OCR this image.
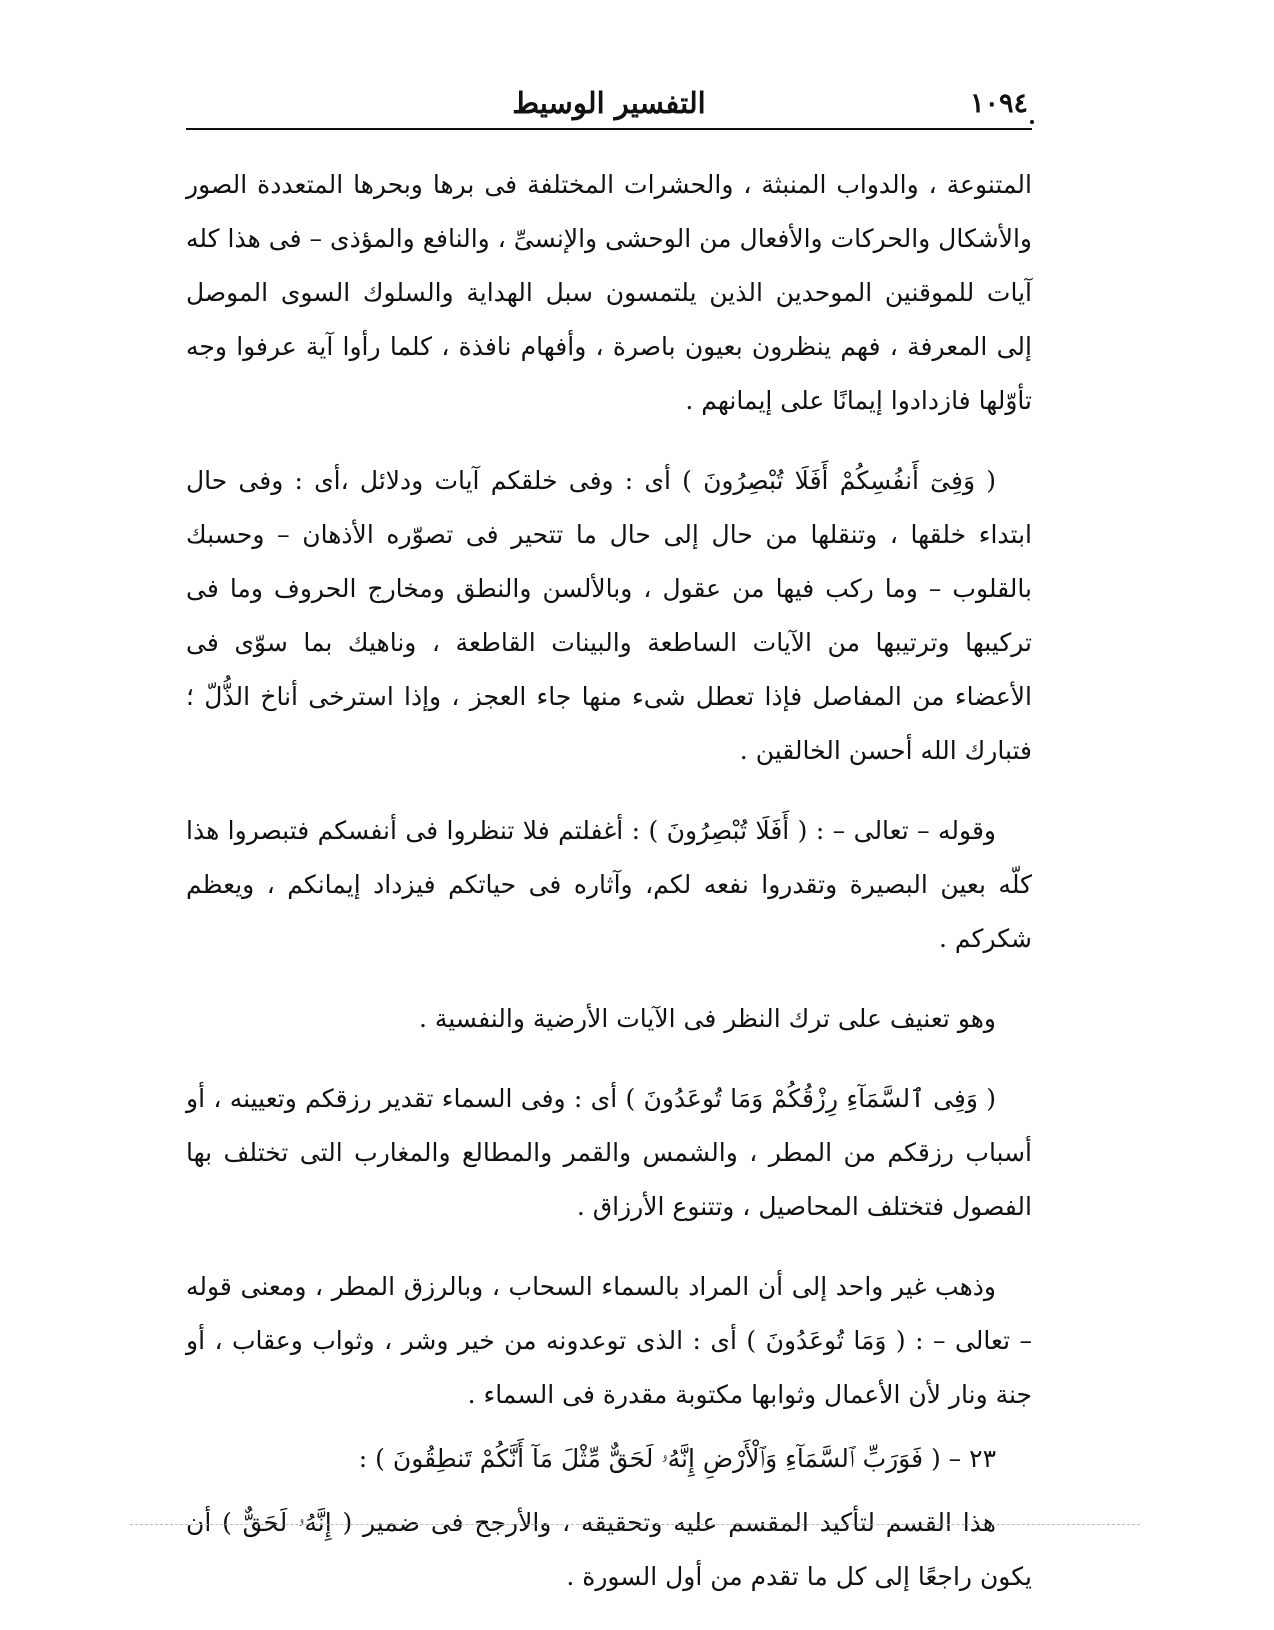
١٠٩٤
التفسير الوسيط

المتنوعة ، والدواب المنبثة ، والحشرات المختلفة فى برها وبحرها المتعددة الصور والأشكال والحركات والأفعال من الوحشى والإنسىِّ ، والنافع والمؤذى – فى هذا كله آيات للموقنين الموحدين الذين يلتمسون سبل الهداية والسلوك السوى الموصل إلى المعرفة ، فهم ينظرون بعيون باصرة ، وأفهام نافذة ، كلما رأوا آية عرفوا وجه تأوّلها فازدادوا إيمانًا على إيمانهم .

( وَفِىٓ أَنفُسِكُمْ أَفَلَا تُبْصِرُونَ ) أى : وفى خلقكم آيات ودلائل ،أى : وفى حال ابتداء خلقها ، وتنقلها من حال إلى حال ما تتحير فى تصوّره الأذهان – وحسبك بالقلوب – وما ركب فيها من عقول ، وبالألسن والنطق ومخارج الحروف وما فى تركيبها وترتيبها من الآيات الساطعة والبينات القاطعة ، وناهيك بما سوّى فى الأعضاء من المفاصل فإذا تعطل شىء منها جاء العجز ، وإذا استرخى أناخ الذُّلّ ؛ فتبارك الله أحسن الخالقين .

وقوله – تعالى – : ( أَفَلَا تُبْصِرُونَ ) : أغفلتم فلا تنظروا فى أنفسكم فتبصروا هذا كلّه بعين البصيرة وتقدروا نفعه لكم، وآثاره فى حياتكم فيزداد إيمانكم ، ويعظم شكركم .

وهو تعنيف على ترك النظر فى الآيات الأرضية والنفسية .

( وَفِى ٱلسَّمَآءِ رِزْقُكُمْ وَمَا تُوعَدُونَ ) أى : وفى السماء تقدير رزقكم وتعيينه ، أو أسباب رزقكم من المطر ، والشمس والقمر والمطالع والمغارب التى تختلف بها الفصول فتختلف المحاصيل ، وتتنوع الأرزاق .

وذهب غير واحد إلى أن المراد بالسماء السحاب ، وبالرزق المطر ، ومعنى قوله – تعالى – : ( وَمَا تُوعَدُونَ ) أى : الذى توعدونه من خير وشر ، وثواب وعقاب ، أو جنة ونار لأن الأعمال وثوابها مكتوبة مقدرة فى السماء .

٢٣ – ( فَوَرَبِّ ٱلسَّمَآءِ وَٱلْأَرْضِ إِنَّهُۥ لَحَقٌّ مِّثْلَ مَآ أَنَّكُمْ تَنطِقُونَ ) :

هذا القسم لتأكيد المقسم عليه وتحقيقه ، والأرجح فى ضمير ( إِنَّهُۥ لَحَقٌّ ) أن يكون راجعًا إلى كل ما تقدم من أول السورة .
